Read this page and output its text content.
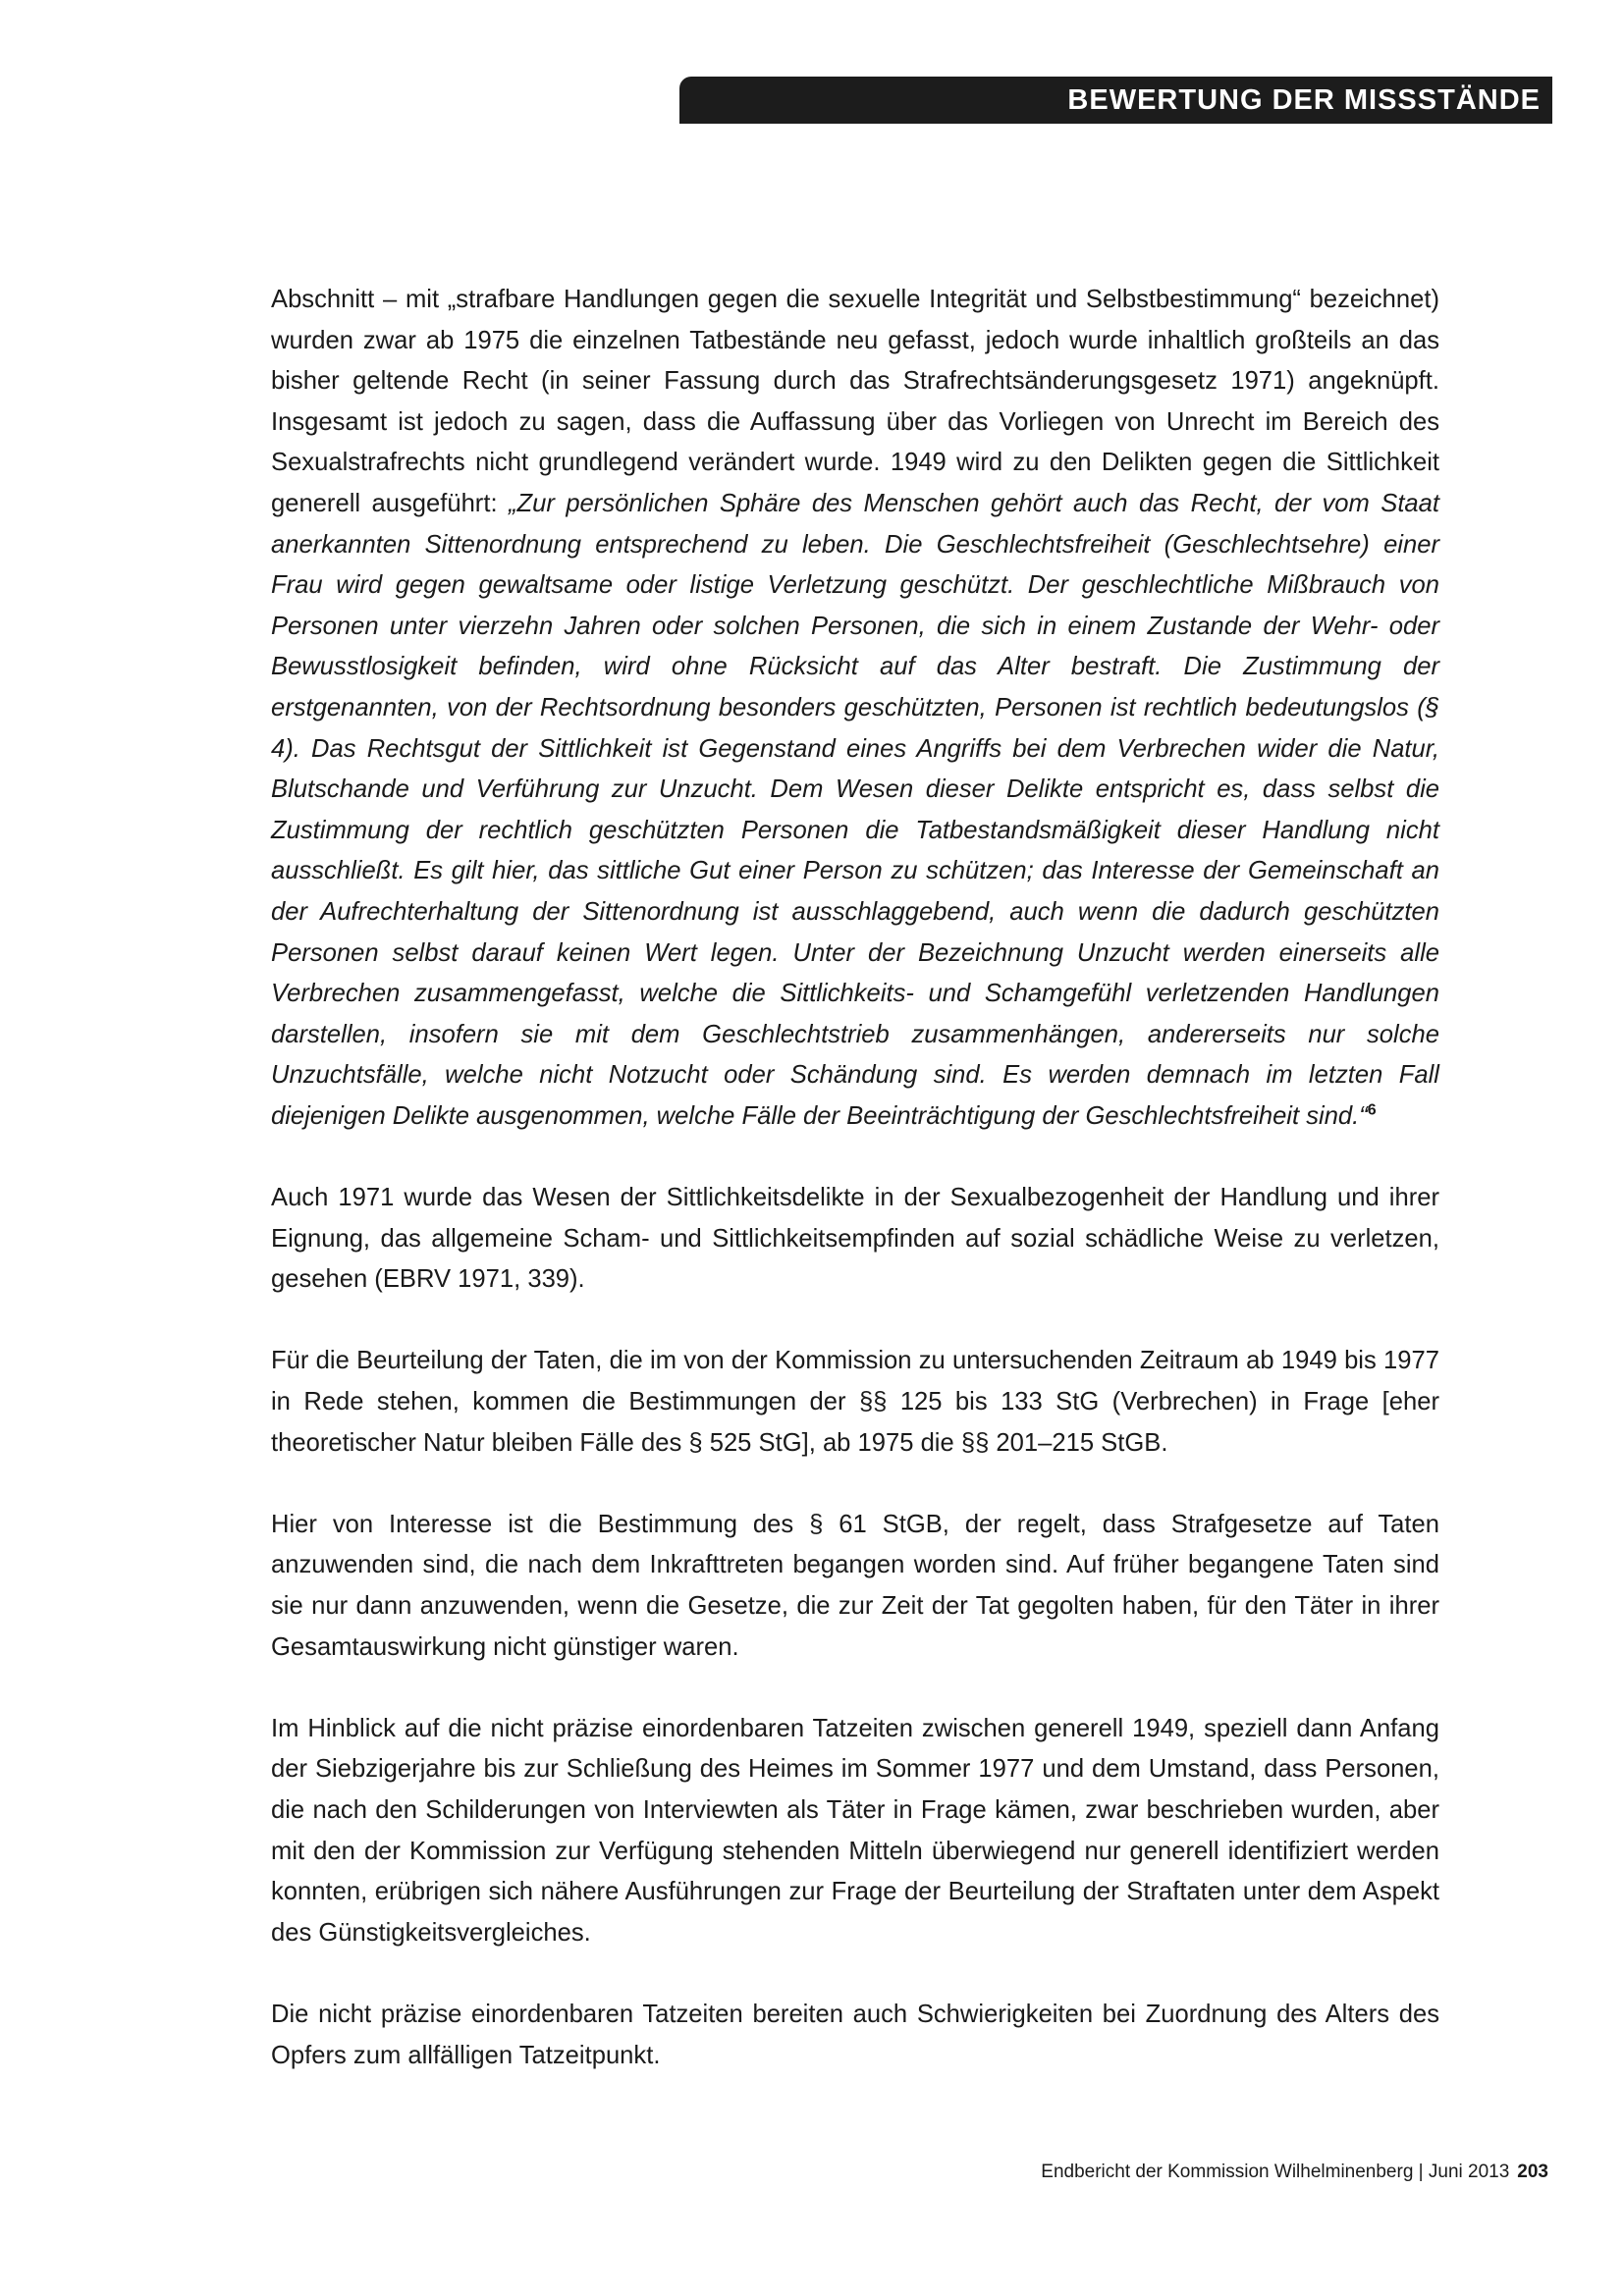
BEWERTUNG DER MISSSTÄNDE

Abschnitt – mit „strafbare Handlungen gegen die sexuelle Integrität und Selbstbestimmung“ bezeichnet) wurden zwar ab 1975 die einzelnen Tatbestände neu gefasst, jedoch wurde inhaltlich großteils an das bisher geltende Recht (in seiner Fassung durch das Strafrechtsänderungsgesetz 1971) angeknüpft. Insgesamt ist jedoch zu sagen, dass die Auffassung über das Vorliegen von Unrecht im Bereich des Sexualstrafrechts nicht grundlegend verändert wurde. 1949 wird zu den Delikten gegen die Sittlichkeit generell ausgeführt: „Zur persönlichen Sphäre des Menschen gehört auch das Recht, der vom Staat anerkannten Sittenordnung entsprechend zu leben. Die Geschlechtsfreiheit (Geschlechtsehre) einer Frau wird gegen gewaltsame oder listige Verletzung geschützt. Der geschlechtliche Mißbrauch von Personen unter vierzehn Jahren oder solchen Personen, die sich in einem Zustande der Wehr- oder Bewusstlosigkeit befinden, wird ohne Rücksicht auf das Alter bestraft. Die Zustimmung der erstgenannten, von der Rechtsordnung besonders geschützten, Personen ist rechtlich bedeutungslos (§ 4). Das Rechtsgut der Sittlichkeit ist Gegenstand eines Angriffs bei dem Verbrechen wider die Natur, Blutschande und Verführung zur Unzucht. Dem Wesen dieser Delikte entspricht es, dass selbst die Zustimmung der rechtlich geschützten Personen die Tatbestandsmäßigkeit dieser Handlung nicht ausschließt. Es gilt hier, das sittliche Gut einer Person zu schützen; das Interesse der Gemeinschaft an der Aufrechterhaltung der Sittenordnung ist ausschlaggebend, auch wenn die dadurch geschützten Personen selbst darauf keinen Wert legen. Unter der Bezeichnung Unzucht werden einerseits alle Verbrechen zusammengefasst, welche die Sittlichkeits- und Schamgefühl verletzenden Handlungen darstellen, insofern sie mit dem Geschlechtstrieb zusammenhängen, andererseits nur solche Unzuchtsfälle, welche nicht Notzucht oder Schändung sind. Es werden demnach im letzten Fall diejenigen Delikte ausgenommen, welche Fälle der Beeinträchtigung der Geschlechtsfreiheit sind.“$^6$

Auch 1971 wurde das Wesen der Sittlichkeitsdelikte in der Sexualbezogenheit der Handlung und ihrer Eignung, das allgemeine Scham- und Sittlichkeitsempfinden auf sozial schädliche Weise zu verletzen, gesehen (EBRV 1971, 339).

Für die Beurteilung der Taten, die im von der Kommission zu untersuchenden Zeitraum ab 1949 bis 1977 in Rede stehen, kommen die Bestimmungen der §§ 125 bis 133 StG (Verbrechen) in Frage [eher theoretischer Natur bleiben Fälle des § 525 StG], ab 1975 die §§ 201–215 StGB.

Hier von Interesse ist die Bestimmung des § 61 StGB, der regelt, dass Strafgesetze auf Taten anzuwenden sind, die nach dem Inkrafttreten begangen worden sind. Auf früher begangene Taten sind sie nur dann anzuwenden, wenn die Gesetze, die zur Zeit der Tat gegolten haben, für den Täter in ihrer Gesamtauswirkung nicht günstiger waren.

Im Hinblick auf die nicht präzise einordenbaren Tatzeiten zwischen generell 1949, speziell dann Anfang der Siebzigerjahre bis zur Schließung des Heimes im Sommer 1977 und dem Umstand, dass Personen, die nach den Schilderungen von Interviewten als Täter in Frage kämen, zwar beschrieben wurden, aber mit den der Kommission zur Verfügung stehenden Mitteln überwiegend nur generell identifiziert werden konnten, erübrigen sich nähere Ausführungen zur Frage der Beurteilung der Straftaten unter dem Aspekt des Günstigkeitsvergleiches.

Die nicht präzise einordenbaren Tatzeiten bereiten auch Schwierigkeiten bei Zuordnung des Alters des Opfers zum allfälligen Tatzeitpunkt.

Endbericht der Kommission Wilhelminenberg | Juni 2013 203
